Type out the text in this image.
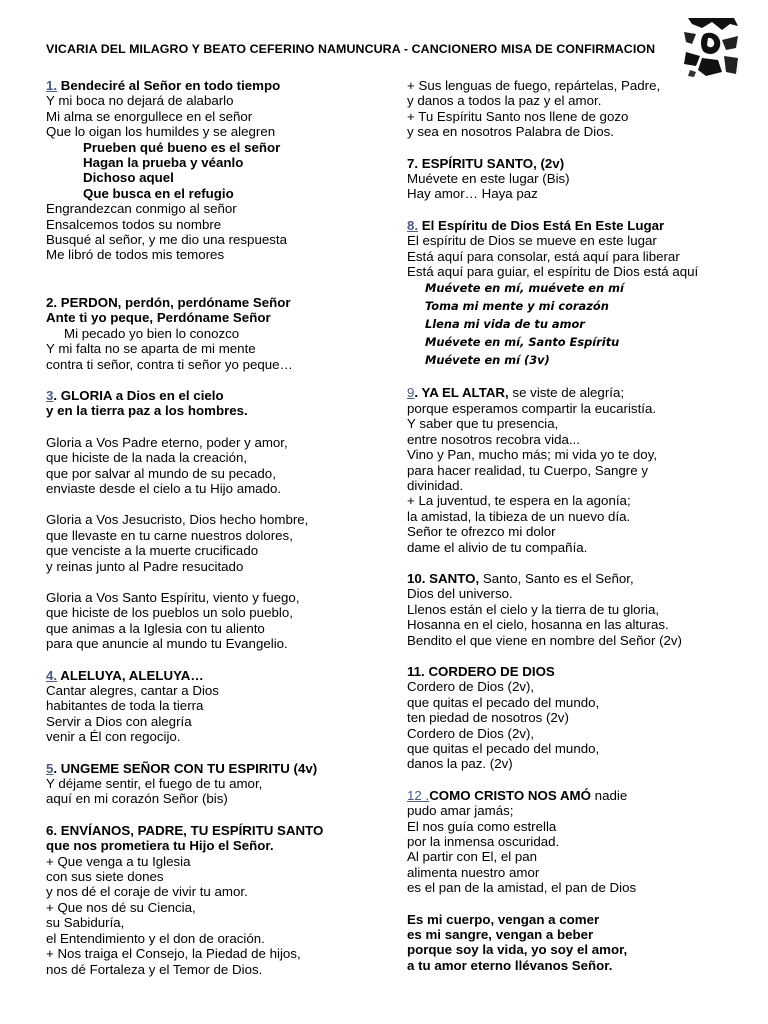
VICARIA DEL MILAGRO Y BEATO CEFERINO NAMUNCURA - CANCIONERO MISA DE CONFIRMACION
1. Bendeciré al Señor en todo tiempo
Y mi boca no dejará de alabarlo
Mi alma se enorgullece en el señor
Que lo oigan los humildes y se alegren
Prueben qué bueno es el señor
Hagan la prueba y véanlo
Dichoso aquel
Que busca en el refugio
Engrandezcan conmigo al señor
Ensalcemos todos su nombre
Busqué al señor, y me dio una respuesta
Me libró de todos mis temores
2. PERDON, perdón, perdóname Señor
Ante ti yo peque, Perdóname Señor
Mi pecado yo bien lo conozco
Y mi falta no se aparta de mi mente
contra ti señor, contra ti señor yo peque…
3. GLORIA a Dios en el cielo
y en la tierra paz a los hombres.
Gloria a Vos Padre eterno, poder y amor,
que hiciste de la nada la creación,
que por salvar al mundo de su pecado,
enviaste desde el cielo a tu Hijo amado.
Gloria a Vos Jesucristo, Dios hecho hombre,
que llevaste en tu carne nuestros dolores,
que venciste a la muerte crucificado
y reinas junto al Padre resucitado
Gloria a Vos Santo Espíritu, viento y fuego,
que hiciste de los pueblos un solo pueblo,
que animas a la Iglesia con tu aliento
para que anuncie al mundo tu Evangelio.
4. ALELUYA, ALELUYA…
Cantar alegres, cantar a Dios
habitantes de toda la tierra
Servir a Dios con alegría
venir a Él con regocijo.
5. UNGEME SEÑOR CON TU ESPIRITU (4v)
Y déjame sentir, el fuego de tu amor,
aquí en mi corazón Señor (bis)
6. ENVÍANOS, PADRE, TU ESPÍRITU SANTO
que nos prometiera tu Hijo el Señor.
+ Que venga a tu Iglesia
con sus siete dones
y nos dé el coraje de vivir tu amor.
+ Que nos dé su Ciencia,
su Sabiduría,
el Entendimiento y el don de oración.
+ Nos traiga el Consejo, la Piedad de hijos,
nos dé Fortaleza y el Temor de Dios.
+ Sus lenguas de fuego, repártelas, Padre,
y danos a todos la paz y el amor.
+ Tu Espíritu Santo nos llene de gozo
y sea en nosotros Palabra de Dios.
7. ESPÍRITU SANTO, (2v)
Muévete en este lugar (Bis)
Hay amor… Haya paz
8. El Espíritu de Dios Está En Este Lugar
El espíritu de Dios se mueve en este lugar
Está aquí para consolar, está aquí para liberar
Está aquí para guiar, el espíritu de Dios está aquí
Muévete en mí, muévete en mí
Toma mi mente y mi corazón
Llena mi vida de tu amor
Muévete en mí, Santo Espíritu
Muévete en mí (3v)
9. YA EL ALTAR, se viste de alegría;
porque esperamos compartir la eucaristía.
Y saber que tu presencia,
entre nosotros recobra vida...
Vino y Pan, mucho más; mi vida yo te doy,
para hacer realidad, tu Cuerpo, Sangre y
divinidad.
+ La juventud, te espera en la agonía;
la amistad, la tibieza de un nuevo día.
Señor te ofrezco mi dolor
dame el alivio de tu compañía.
10. SANTO, Santo, Santo es el Señor,
Dios del universo.
Llenos están el cielo y la tierra de tu gloria,
Hosanna en el cielo, hosanna en las alturas.
Bendito el que viene en nombre del Señor (2v)
11. CORDERO DE DIOS
Cordero de Dios (2v),
que quitas el pecado del mundo,
ten piedad de nosotros (2v)
Cordero de Dios (2v),
que quitas el pecado del mundo,
danos la paz. (2v)
12 .COMO CRISTO NOS AMÓ nadie
pudo amar jamás;
El nos guía como estrella
por la inmensa oscuridad.
Al partir con El, el pan
alimenta nuestro amor
es el pan de la amistad, el pan de Dios
Es mi cuerpo, vengan a comer
es mi sangre, vengan a beber
porque soy la vida, yo soy el amor,
a tu amor eterno llévanos Señor.
